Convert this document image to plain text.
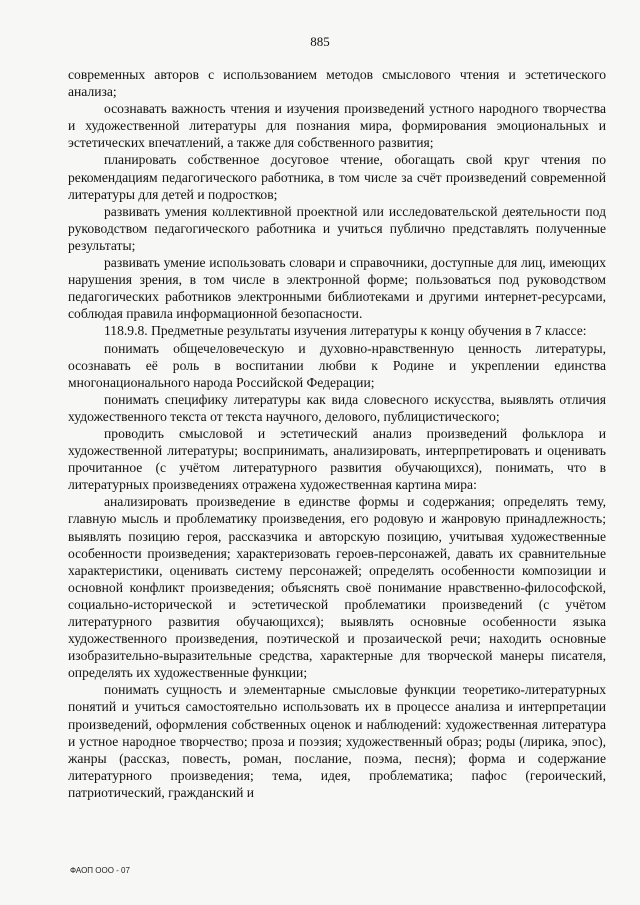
885

современных авторов с использованием методов смыслового чтения и эстетического анализа;

осознавать важность чтения и изучения произведений устного народного творчества и художественной литературы для познания мира, формирования эмоциональных и эстетических впечатлений, а также для собственного развития;

планировать собственное досуговое чтение, обогащать свой круг чтения по рекомендациям педагогического работника, в том числе за счёт произведений современной литературы для детей и подростков;

развивать умения коллективной проектной или исследовательской деятельности под руководством педагогического работника и учиться публично представлять полученные результаты;

развивать умение использовать словари и справочники, доступные для лиц, имеющих нарушения зрения, в том числе в электронной форме; пользоваться под руководством педагогических работников электронными библиотеками и другими интернет-ресурсами, соблюдая правила информационной безопасности.

118.9.8. Предметные результаты изучения литературы к концу обучения в 7 классе:

понимать общечеловеческую и духовно-нравственную ценность литературы, осознавать её роль в воспитании любви к Родине и укреплении единства многонационального народа Российской Федерации;

понимать специфику литературы как вида словесного искусства, выявлять отличия художественного текста от текста научного, делового, публицистического;

проводить смысловой и эстетический анализ произведений фольклора и художественной литературы; воспринимать, анализировать, интерпретировать и оценивать прочитанное (с учётом литературного развития обучающихся), понимать, что в литературных произведениях отражена художественная картина мира:

анализировать произведение в единстве формы и содержания; определять тему, главную мысль и проблематику произведения, его родовую и жанровую принадлежность; выявлять позицию героя, рассказчика и авторскую позицию, учитывая художественные особенности произведения; характеризовать героев-персонажей, давать их сравнительные характеристики, оценивать систему персонажей; определять особенности композиции и основной конфликт произведения; объяснять своё понимание нравственно-философской, социально-исторической и эстетической проблематики произведений (с учётом литературного развития обучающихся); выявлять основные особенности языка художественного произведения, поэтической и прозаической речи; находить основные изобразительно-выразительные средства, характерные для творческой манеры писателя, определять их художественные функции;

понимать сущность и элементарные смысловые функции теоретико-литературных понятий и учиться самостоятельно использовать их в процессе анализа и интерпретации произведений, оформления собственных оценок и наблюдений: художественная литература и устное народное творчество; проза и поэзия; художественный образ; роды (лирика, эпос), жанры (рассказ, повесть, роман, послание, поэма, песня); форма и содержание литературного произведения; тема, идея, проблематика; пафос (героический, патриотический, гражданский и

ФАОП ООО - 07
